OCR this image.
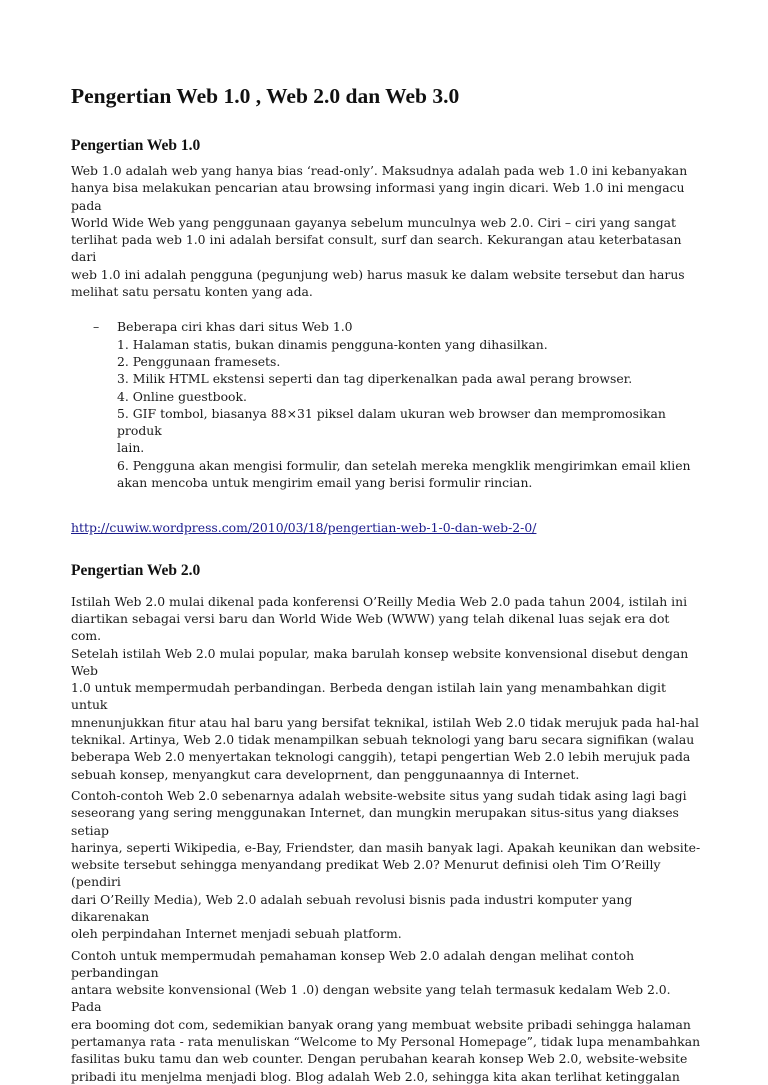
Pengertian Web 1.0 , Web 2.0 dan Web 3.0
Pengertian Web 1.0

Web 1.0 adalah web yang hanya bias ‘read-only’. Maksudnya adalah pada web 1.0 ini kebanyakan
hanya bisa melakukan pencarian atau browsing informasi yang ingin dicari. Web 1.0 ini mengacu pada
World Wide Web yang penggunaan gayanya sebelum munculnya web 2.0. Ciri – ciri yang sangat
terlihat pada web 1.0 ini adalah bersifat consult, surf dan search. Kekurangan atau keterbatasan dari
web 1.0 ini adalah pengguna (pegunjung web) harus masuk ke dalam website tersebut dan harus
melihat satu persatu konten yang ada.

– Beberapa ciri khas dari situs Web 1.0
1. Halaman statis, bukan dinamis pengguna-konten yang dihasilkan.
2. Penggunaan framesets.
3. Milik HTML ekstensi seperti dan tag diperkenalkan pada awal perang browser.
4. Online guestbook.
5. GIF tombol, biasanya 88×31 piksel dalam ukuran web browser dan mempromosikan produk
lain.
6. Pengguna akan mengisi formulir, dan setelah mereka mengklik mengirimkan email klien
akan mencoba untuk mengirim email yang berisi formulir rincian.
http://cuwiw.wordpress.com/2010/03/18/pengertian-web-1-0-dan-web-2-0/
Pengertian Web 2.0

Istilah Web 2.0 mulai dikenal pada konferensi O’Reilly Media Web 2.0 pada tahun 2004, istilah ini
diartikan sebagai versi baru dan World Wide Web (WWW) yang telah dikenal luas sejak era dot com.
Setelah istilah Web 2.0 mulai popular, maka barulah konsep website konvensional disebut dengan Web
1.0 untuk mempermudah perbandingan. Berbeda dengan istilah lain yang menambahkan digit untuk
mnenunjukkan fitur atau hal baru yang bersifat teknikal, istilah Web 2.0 tidak merujuk pada hal-hal
teknikal. Artinya, Web 2.0 tidak menampilkan sebuah teknologi yang baru secara signifikan (walau
beberapa Web 2.0 menyertakan teknologi canggih), tetapi pengertian Web 2.0 lebih merujuk pada
sebuah konsep, menyangkut cara developrnent, dan penggunaannya di Internet.

Contoh-contoh Web 2.0 sebenarnya adalah website-website situs yang sudah tidak asing lagi bagi
seseorang yang sering menggunakan Internet, dan mungkin merupakan situs-situs yang diakses setiap
harinya, seperti Wikipedia, e-Bay, Friendster, dan masih banyak lagi. Apakah keunikan dan website-
website tersebut sehingga menyandang predikat Web 2.0? Menurut definisi oleh Tim O’Reilly (pendiri
dari O’Reilly Media), Web 2.0 adalah sebuah revolusi bisnis pada industri komputer yang dikarenakan
oleh perpindahan Internet menjadi sebuah platform.

Contoh untuk mempermudah pemahaman konsep Web 2.0 adalah dengan melihat contoh perbandingan
antara website konvensional (Web 1 .0) dengan website yang telah termasuk kedalam Web 2.0. Pada
era booming dot com, sedemikian banyak orang yang membuat website pribadi sehingga halaman
pertamanya rata - rata menuliskan “Welcome to My Personal Homepage”, tidak lupa menambahkan
fasilitas buku tamu dan web counter. Dengan perubahan kearah konsep Web 2.0, website-website
pribadi itu menjelma menjadi blog. Blog adalah Web 2.0, sehingga kita akan terlihat ketinggalan
